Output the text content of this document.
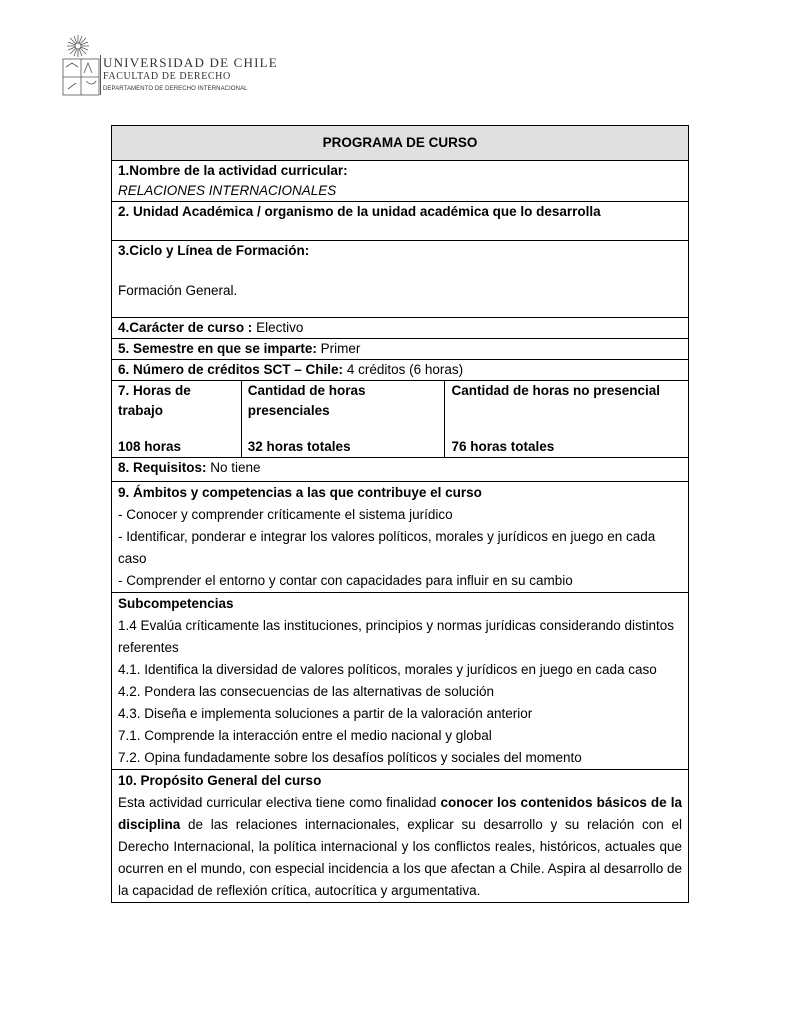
UNIVERSIDAD DE CHILE
FACULTAD DE DERECHO
DEPARTAMENTO DE DERECHO INTERNACIONAL
PROGRAMA DE CURSO

1.Nombre de la actividad curricular:
RELACIONES INTERNACIONALES

2. Unidad Académica / organismo de la unidad académica que lo desarrolla

3.Ciclo y Línea de Formación:
Formación General.

4.Carácter de curso : Electivo
5. Semestre en que se imparte: Primer
6. Número de créditos SCT – Chile: 4 créditos (6 horas)

7. Horas de trabajo
108 horas

Cantidad de horas presenciales
32 horas totales

Cantidad de horas no presencial
76 horas totales

8. Requisitos: No tiene

9. Ámbitos y competencias a las que contribuye el curso
- Conocer y comprender críticamente el sistema jurídico
- Identificar, ponderar e integrar los valores políticos, morales y jurídicos en juego en cada caso
- Comprender el entorno y contar con capacidades para influir en su cambio

Subcompetencias
1.4 Evalúa críticamente las instituciones, principios y normas jurídicas considerando distintos referentes
4.1. Identifica la diversidad de valores políticos, morales y jurídicos en juego en cada caso
4.2. Pondera las consecuencias de las alternativas de solución
4.3. Diseña e implementa soluciones a partir de la valoración anterior
7.1. Comprende la interacción entre el medio nacional y global
7.2. Opina fundadamente sobre los desafíos políticos y sociales del momento

10. Propósito General del curso
Esta actividad curricular electiva tiene como finalidad conocer los contenidos básicos de la disciplina de las relaciones internacionales, explicar su desarrollo y su relación con el Derecho Internacional, la política internacional y los conflictos reales, históricos, actuales que ocurren en el mundo, con especial incidencia a los que afectan a Chile. Aspira al desarrollo de la capacidad de reflexión crítica, autocrítica y argumentativa.
